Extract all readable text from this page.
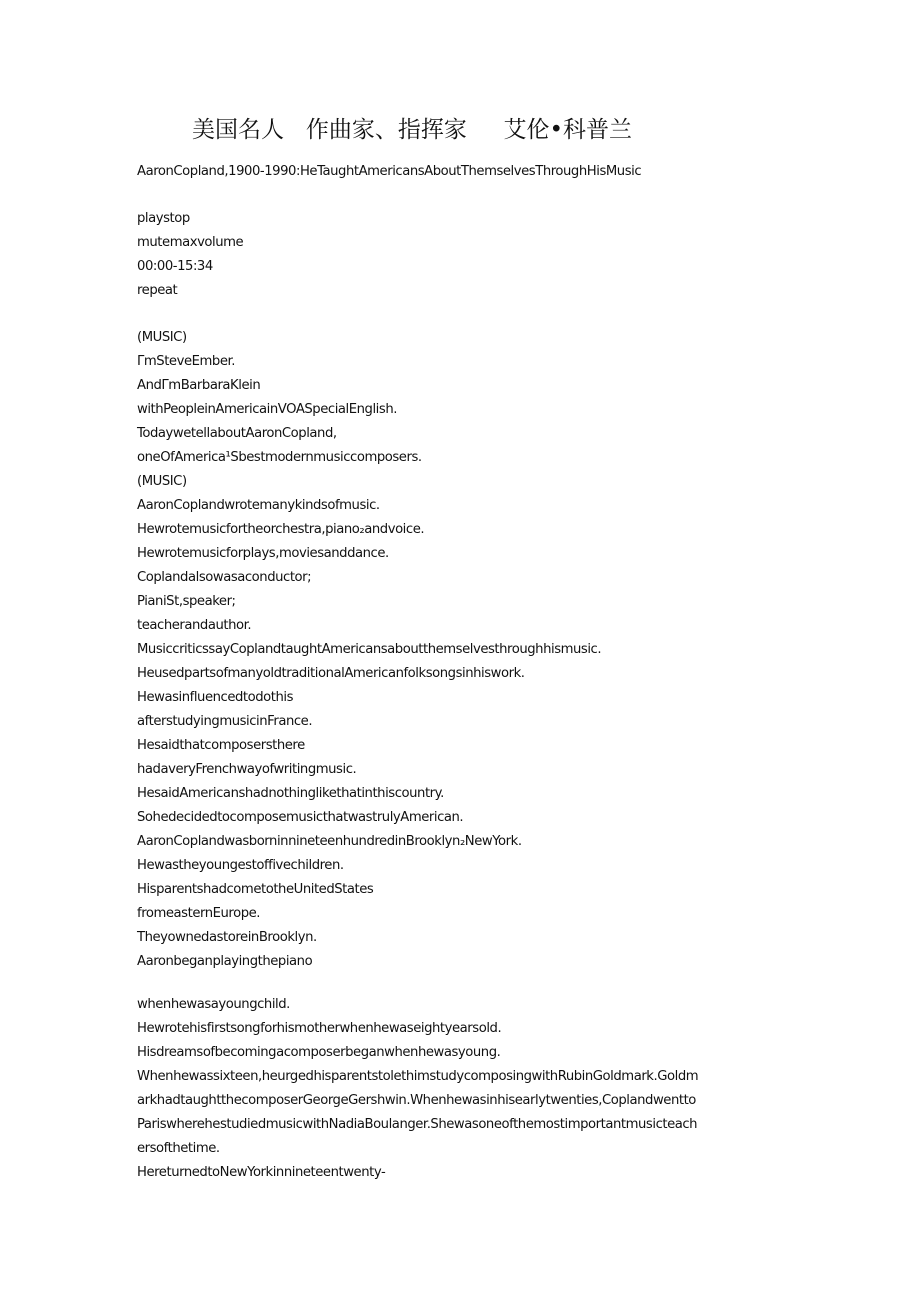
美国名人   作曲家、指挥家     艾伦•科普兰
AaronCopland,1900-1990:HeTaughtAmericansAboutThemselvesThroughHisMusic
playstop
mutemaxvolume
00:00-15:34
repeat
(MUSIC)
ΓmSteveEmber.
AndΓmBarbaraKlein
withPeopleinAmericainVOASpecialEnglish.
TodaywetellaboutAaronCopland,
oneOfAmerica¹Sbestmodernmusiccomposers.
(MUSIC)
AaronCoplandwrotemanykindsofmusic.
Hewrotemusicfortheorchestra,piano₂andvoice.
Hewrotemusicforplays,moviesanddance.
Coplandalsowasaconductor;
PianiSt,speaker;
teacherandauthor.
MusiccriticssayCoplandtaughtAmericansaboutthemselvesthroughhismusic.
HeusedpartsofmanyoldtraditionalAmericanfolksongsinhiswork.
Hewasinfluencedtodothis
afterstudyingmusicinFrance.
Hesaidthatcomposersthere
hadaveryFrenchwayofwritingmusic.
HesaidAmericanshadnothinglikethatinthiscountry.
SohedecidedtocomposemusicthatwastrulyAmerican.
AaronCoplandwasborninnineteenhundredinBrooklyn₂NewYork.
Hewastheyoungestoffivechildren.
HisparentshadcometotheUnitedStates
fromeasternEurope.
TheyownedastoreinBrooklyn.
Aaronbeganplayingthepiano
whenhewasayoungchild.
Hewrotehisfirstsongforhismotherwhenhewaseightyearsold.
Hisdreamsofbecomingacomposerbeganwhenhewasyoung.
Whenhewassixteen,heurgedhisparentstolethimstudycomposingwithRubinGoldmark.Goldm
arkhadtaughtthecomposerGeorgeGershwin.Whenhewasinhisearlytwenties,Coplandwentto
PariswherehestudiedmusicwithNadiaBoulanger.Shewasoneofthemostimportantmusicteach
ersofthetime.
HereturnedtoNewYorkinnineteentwenty-
